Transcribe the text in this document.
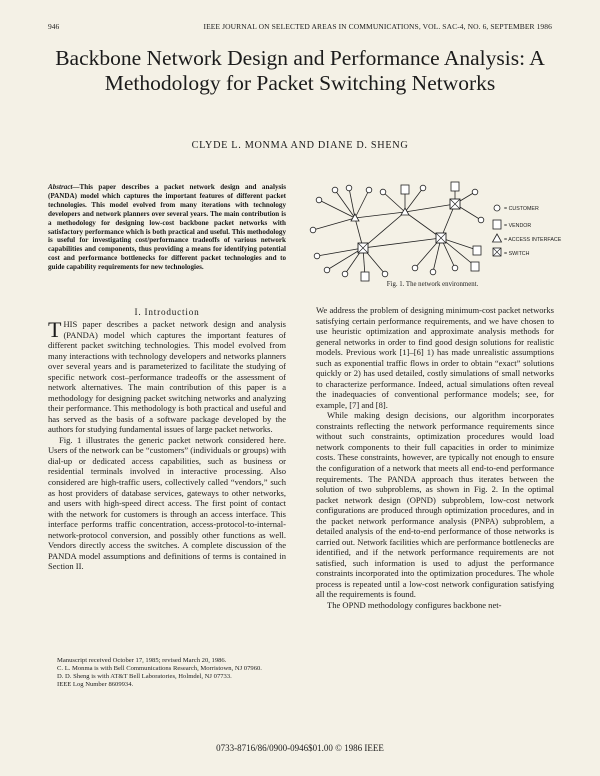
946	IEEE JOURNAL ON SELECTED AREAS IN COMMUNICATIONS, VOL. SAC-4, NO. 6, SEPTEMBER 1986
Backbone Network Design and Performance Analysis: A Methodology for Packet Switching Networks
CLYDE L. MONMA AND DIANE D. SHENG
Abstract—This paper describes a packet network design and analysis (PANDA) model which captures the important features of different packet technologies. This model evolved from many iterations with technology developers and network planners over several years. The main contribution is a methodology for designing low-cost backbone packet networks with satisfactory performance which is both practical and useful. This methodology is useful for investigating cost/performance tradeoffs of various network capabilities and components, thus providing a means for identifying potential cost and performance bottlenecks for different packet technologies and to guide capability requirements for new technologies.
= CUSTOMER
= VENDOR
= ACCESS INTERFACE
= SWITCH
Fig. 1. The network environment.
I. Introduction

THIS paper describes a packet network design and analysis (PANDA) model which captures the important features of different packet switching technologies. This model evolved from many interactions with technology developers and networks planners over several years and is parameterized to facilitate the studying of specific network cost–performance tradeoffs or the assessment of network alternatives. The main contribution of this paper is a methodology for designing packet switching networks and analyzing their performance. This methodology is both practical and useful and has served as the basis of a software package developed by the authors for studying fundamental issues of large packet networks.

Fig. 1 illustrates the generic packet network considered here. Users of the network can be “customers” (individuals or groups) with dial-up or dedicated access capabilities, such as business or residential terminals involved in interactive processing. Also considered are high-traffic users, collectively called “vendors,” such as host providers of database services, gateways to other networks, and users with high-speed direct access. The first point of contact with the network for customers is through an access interface. This interface performs traffic concentration, access-protocol-to-internal-network-protocol conversion, and possibly other functions as well. Vendors directly access the switches. A complete discussion of the PANDA model assumptions and definitions of terms is contained in Section II.

Manuscript received October 17, 1985; revised March 20, 1986.

C. L. Monma is with Bell Communications Research, Morristown, NJ 07960.

D. D. Sheng is with AT&T Bell Laboratories, Holmdel, NJ 07733.

IEEE Log Number 8609934.

We address the problem of designing minimum-cost packet networks satisfying certain performance requirements, and we have chosen to use heuristic optimization and approximate analysis methods for general networks in order to find good design solutions for realistic models. Previous work [1]–[6] 1) has made unrealistic assumptions such as exponential traffic flows in order to obtain “exact” solutions quickly or 2) has used detailed, costly simulations of small networks to characterize performance. Indeed, actual simulations often reveal the inadequacies of conventional performance models; see, for example, [7] and [8].

While making design decisions, our algorithm incorporates constraints reflecting the network performance requirements since without such constraints, optimization procedures would load network components to their full capacities in order to minimize costs. These constraints, however, are typically not enough to ensure the configuration of a network that meets all end-to-end performance requirements. The PANDA approach thus iterates between the solution of two subproblems, as shown in Fig. 2. In the optimal packet network design (OPND) subproblem, low-cost network configurations are produced through optimization procedures, and in the packet network performance analysis (PNPA) subproblem, a detailed analysis of the end-to-end performance of those networks is carried out. Network facilities which are performance bottlenecks are identified, and if the network performance requirements are not satisfied, such information is used to adjust the performance constraints incorporated into the optimization procedures. The whole process is repeated until a low-cost network configuration satisfying all the requirements is found.

The OPND methodology configures backbone net-

0733-8716/86/0900-0946$01.00 © 1986 IEEE
